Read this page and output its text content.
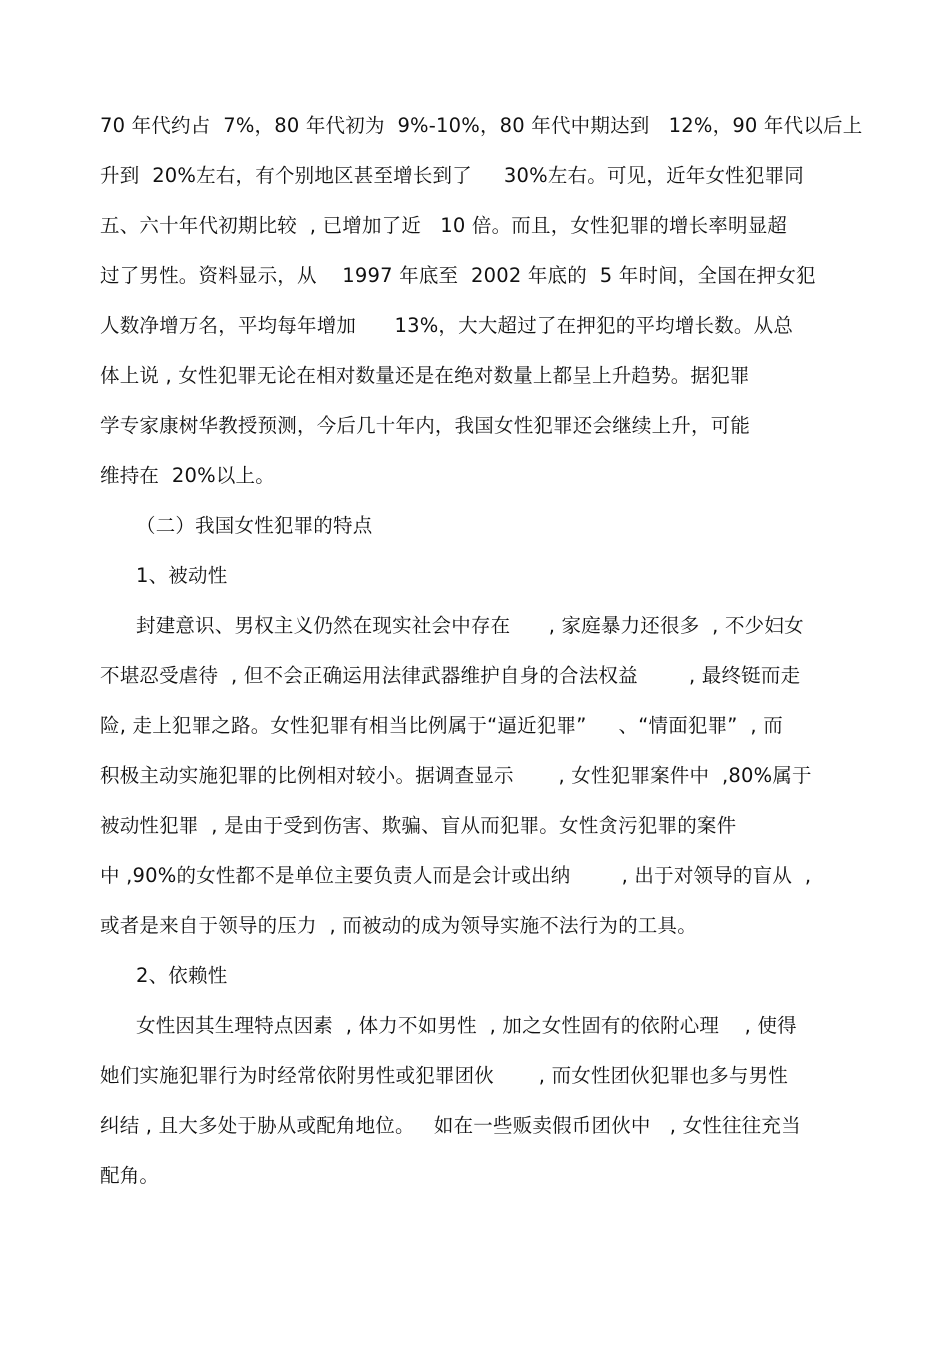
70 年代约占  7%，80 年代初为  9%-10%，80 年代中期达到   12%，90 年代以后上
升到  20%左右，有个别地区甚至增长到了     30%左右。可见，近年女性犯罪同
五、六十年代初期比较  , 已增加了近   10 倍。而且，女性犯罪的增长率明显超
过了男性。资料显示，从    1997 年底至  2002 年底的  5 年时间，全国在押女犯
人数净增万名，平均每年增加      13%，大大超过了在押犯的平均增长数。从总
体上说 , 女性犯罪无论在相对数量还是在绝对数量上都呈上升趋势。据犯罪
学专家康树华教授预测，今后几十年内，我国女性犯罪还会继续上升，可能
维持在  20%以上。
（二）我国女性犯罪的特点
1、被动性
封建意识、男权主义仍然在现实社会中存在      , 家庭暴力还很多  , 不少妇女
不堪忍受虐待  , 但不会正确运用法律武器维护自身的合法权益        , 最终铤而走
险, 走上犯罪之路。女性犯罪有相当比例属于“逼近犯罪”     、“情面犯罪”  , 而
积极主动实施犯罪的比例相对较小。据调查显示       , 女性犯罪案件中  ,80%属于
被动性犯罪  , 是由于受到伤害、欺骗、盲从而犯罪。女性贪污犯罪的案件
中 ,90%的女性都不是单位主要负责人而是会计或出纳        , 出于对领导的盲从  ,
或者是来自于领导的压力  , 而被动的成为领导实施不法行为的工具。
2、依赖性
女性因其生理特点因素  , 体力不如男性  , 加之女性固有的依附心理    , 使得
她们实施犯罪行为时经常依附男性或犯罪团伙       , 而女性团伙犯罪也多与男性
纠结 , 且大多处于胁从或配角地位。   如在一些贩卖假币团伙中   , 女性往往充当
配角。
